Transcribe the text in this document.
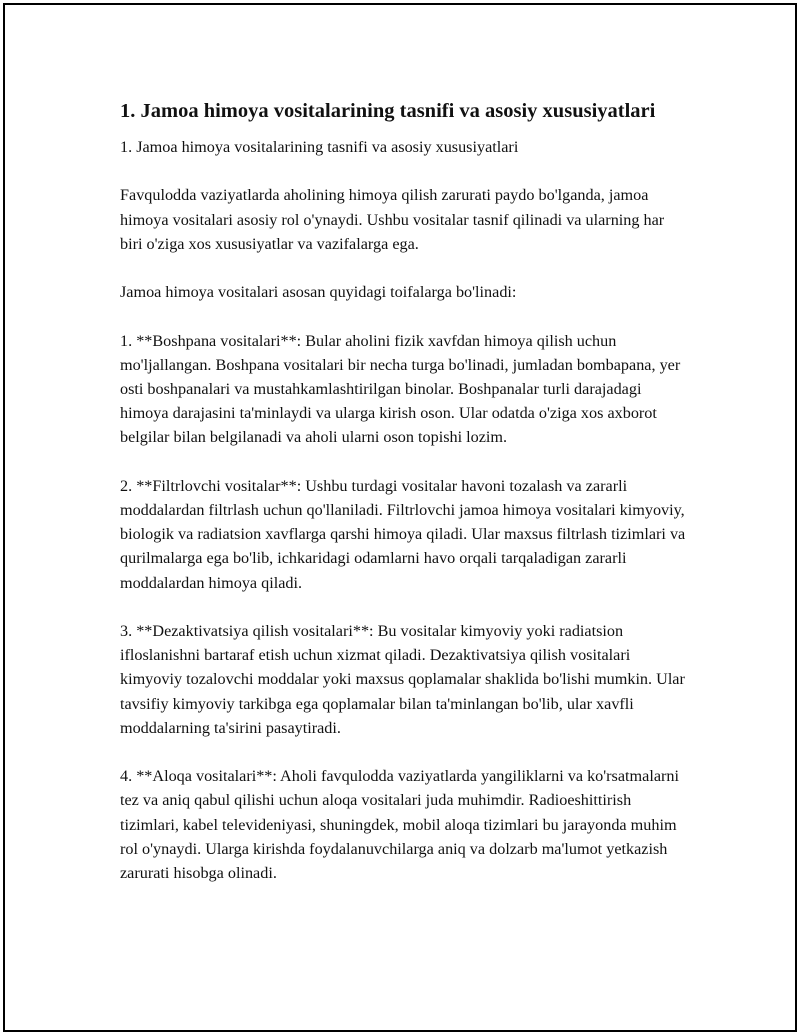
1. Jamoa himoya vositalarining tasnifi va asosiy xususiyatlari

1. Jamoa himoya vositalarining tasnifi va asosiy xususiyatlari

Favqulodda vaziyatlarda aholining himoya qilish zarurati paydo bo'lganda, jamoa himoya vositalari asosiy rol o'ynaydi. Ushbu vositalar tasnif qilinadi va ularning har biri o'ziga xos xususiyatlar va vazifalarga ega.

Jamoa himoya vositalari asosan quyidagi toifalarga bo'linadi:

1. **Boshpana vositalari**: Bular aholini fizik xavfdan himoya qilish uchun mo'ljallangan. Boshpana vositalari bir necha turga bo'linadi, jumladan bombapana, yer osti boshpanalari va mustahkamlashtirilgan binolar. Boshpanalar turli darajadagi himoya darajasini ta'minlaydi va ularga kirish oson. Ular odatda o'ziga xos axborot belgilar bilan belgilanadi va aholi ularni oson topishi lozim.

2. **Filtrlovchi vositalar**: Ushbu turdagi vositalar havoni tozalash va zararli moddalardan filtrlash uchun qo'llaniladi. Filtrlovchi jamoa himoya vositalari kimyoviy, biologik va radiatsion xavflarga qarshi himoya qiladi. Ular maxsus filtrlash tizimlari va qurilmalarga ega bo'lib, ichkaridagi odamlarni havo orqali tarqaladigan zararli moddalardan himoya qiladi.

3. **Dezaktivatsiya qilish vositalari**: Bu vositalar kimyoviy yoki radiatsion ifloslanishni bartaraf etish uchun xizmat qiladi. Dezaktivatsiya qilish vositalari kimyoviy tozalovchi moddalar yoki maxsus qoplamalar shaklida bo'lishi mumkin. Ular tavsifiy kimyoviy tarkibga ega qoplamalar bilan ta'minlangan bo'lib, ular xavfli moddalarning ta'sirini pasaytiradi.

4. **Aloqa vositalari**: Aholi favqulodda vaziyatlarda yangiliklarni va ko'rsatmalarni tez va aniq qabul qilishi uchun aloqa vositalari juda muhimdir. Radioeshittirish tizimlari, kabel televideniyasi, shuningdek, mobil aloqa tizimlari bu jarayonda muhim rol o'ynaydi. Ularga kirishda foydalanuvchilarga aniq va dolzarb ma'lumot yetkazish zarurati hisobga olinadi.
